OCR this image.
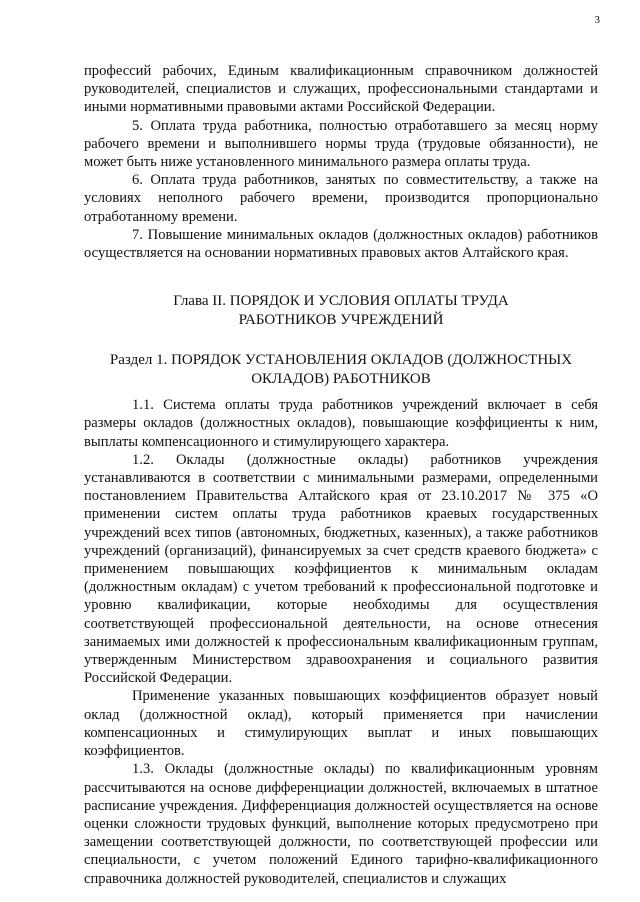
3

профессий рабочих, Единым квалификационным справочником должностей руководителей, специалистов и служащих, профессиональными стандартами и иными нормативными правовыми актами Российской Федерации.

5. Оплата труда работника, полностью отработавшего за месяц норму рабочего времени и выполнившего нормы труда (трудовые обязанности), не может быть ниже установленного минимального размера оплаты труда.

6. Оплата труда работников, занятых по совместительству, а также на условиях неполного рабочего времени, производится пропорционально отработанному времени.

7. Повышение минимальных окладов (должностных окладов) работников осуществляется на основании нормативных правовых актов Алтайского края.

Глава II. ПОРЯДОК И УСЛОВИЯ ОПЛАТЫ ТРУДА
РАБОТНИКОВ УЧРЕЖДЕНИЙ
Раздел 1. ПОРЯДОК УСТАНОВЛЕНИЯ ОКЛАДОВ (ДОЛЖНОСТНЫХ
ОКЛАДОВ) РАБОТНИКОВ

1.1. Система оплаты труда работников учреждений включает в себя размеры окладов (должностных окладов), повышающие коэффициенты к ним, выплаты компенсационного и стимулирующего характера.

1.2. Оклады (должностные оклады) работников учреждения устанавливаются в соответствии с минимальными размерами, определенными постановлением Правительства Алтайского края от 23.10.2017 № 375 «О применении систем оплаты труда работников краевых государственных учреждений всех типов (автономных, бюджетных, казенных), а также работников учреждений (организаций), финансируемых за счет средств краевого бюджета» с применением повышающих коэффициентов к минимальным окладам (должностным окладам) с учетом требований к профессиональной подготовке и уровню квалификации, которые необходимы для осуществления соответствующей профессиональной деятельности, на основе отнесения занимаемых ими должностей к профессиональным квалификационным группам, утвержденным Министерством здравоохранения и социального развития Российской Федерации.

Применение указанных повышающих коэффициентов образует новый оклад (должностной оклад), который применяется при начислении компенсационных и стимулирующих выплат и иных повышающих коэффициентов.

1.3. Оклады (должностные оклады) по квалификационным уровням рассчитываются на основе дифференциации должностей, включаемых в штатное расписание учреждения. Дифференциация должностей осуществляется на основе оценки сложности трудовых функций, выполнение которых предусмотрено при замещении соответствующей должности, по соответствующей профессии или специальности, с учетом положений Единого тарифно-квалификационного справочника должностей руководителей, специалистов и служащих
